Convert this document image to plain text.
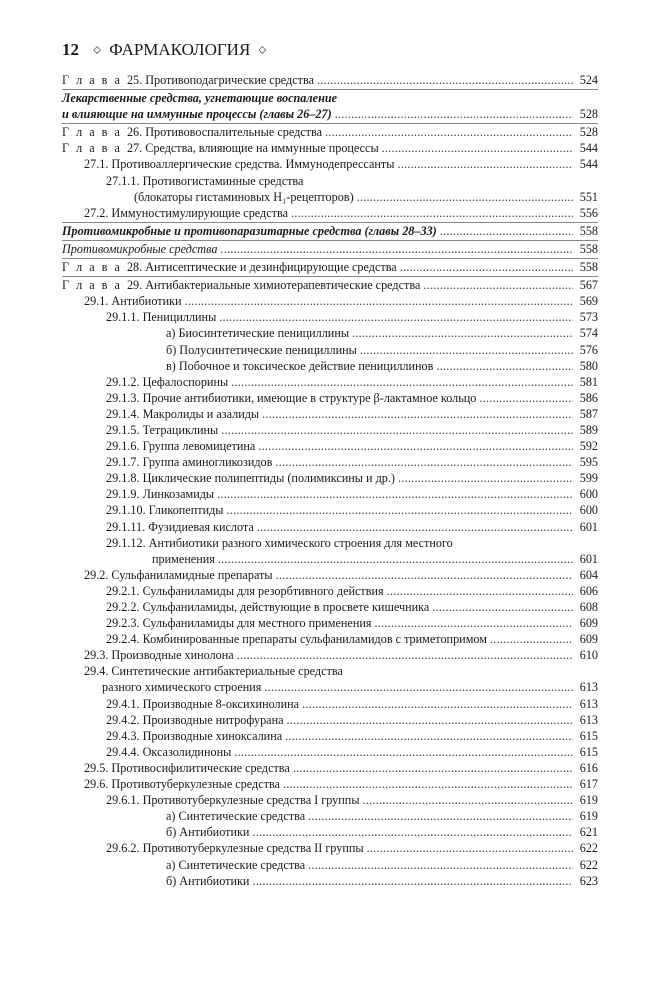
12 ⬦ ФАРМАКОЛОГИЯ ⬦
Г л а в а 25. Противоподагрические средства . . .	524
Лекарственные средства, угнетающие воспаление
и влияющие на иммунные процессы (главы 26–27) . . .	528
Г л а в а 26. Противовоспалительные средства . . .	528
Г л а в а 27. Средства, влияющие на иммунные процессы . . .	544
27.1. Противоаллергические средства. Иммунодепрессанты . . .	544
27.1.1. Противогистаминные средства
(блокаторы гистаминовых H₁-рецепторов) . . .	551
27.2. Иммуностимулирующие средства . . .	556
Противомикробные и противопаразитарные средства (главы 28–33) . . .	558
Противомикробные средства . . .	558
Г л а в а 28. Антисептические и дезинфицирующие средства . . .	558
Г л а в а 29. Антибактериальные химиотерапевтические средства . . .	567
29.1. Антибиотики . . .	569
29.1.1. Пенициллины . . .	573
а) Биосинтетические пенициллины . . .	574
б) Полусинтетические пенициллины . . .	576
в) Побочное и токсическое действие пенициллинов . . .	580
29.1.2. Цефалоспорины . . .	581
29.1.3. Прочие антибиотики, имеющие в структуре β-лактамное кольцо . . .	586
29.1.4. Макролиды и азалиды . . .	587
29.1.5. Тетрациклины . . .	589
29.1.6. Группа левомицетина . . .	592
29.1.7. Группа аминогликозидов . . .	595
29.1.8. Циклические полипептиды (полимиксины и др.) . . .	599
29.1.9. Линкозамиды . . .	600
29.1.10. Гликопептиды . . .	600
29.1.11. Фузидиевая кислота . . .	601
29.1.12. Антибиотики разного химического строения для местного
применения . . .	601
29.2. Сульфаниламидные препараты . . .	604
29.2.1. Сульфаниламиды для резорбтивного действия . . .	606
29.2.2. Сульфаниламиды, действующие в просвете кишечника . . .	608
29.2.3. Сульфаниламиды для местного применения . . .	609
29.2.4. Комбинированные препараты сульфаниламидов с триметопримом . . .	609
29.3. Производные хинолона . . .	610
29.4. Синтетические антибактериальные средства
разного химического строения . . .	613
29.4.1. Производные 8-оксихинолина . . .	613
29.4.2. Производные нитрофурана . . .	613
29.4.3. Производные хиноксалина . . .	615
29.4.4. Оксазолидиноны . . .	615
29.5. Противосифилитические средства . . .	616
29.6. Противотуберкулезные средства . . .	617
29.6.1. Противотуберкулезные средства I группы . . .	619
а) Синтетические средства . . .	619
б) Антибиотики . . .	621
29.6.2. Противотуберкулезные средства II группы . . .	622
а) Синтетические средства . . .	622
б) Антибиотики . . .	623
